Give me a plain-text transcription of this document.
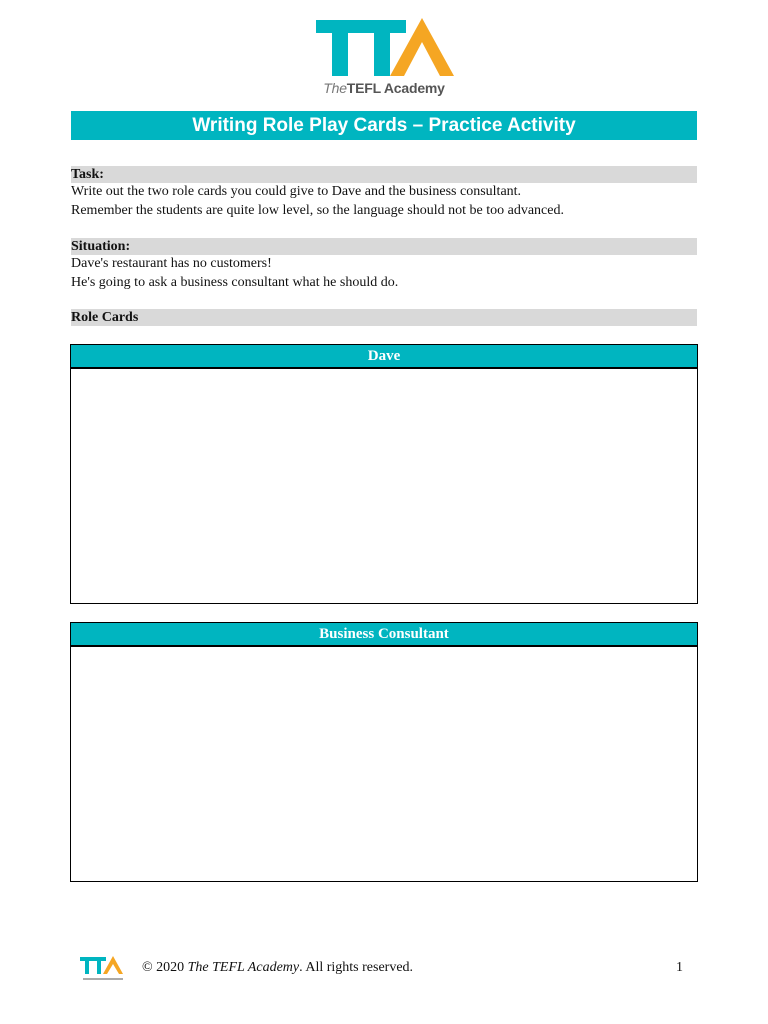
TheTEFL Academy
Writing Role Play Cards – Practice Activity
Task:
Write out the two role cards you could give to Dave and the business consultant.
Remember the students are quite low level, so the language should not be too advanced.
Situation:
Dave's restaurant has no customers!
He's going to ask a business consultant what he should do.
Role Cards
Dave
Business Consultant
© 2020 The TEFL Academy. All rights reserved.	1
